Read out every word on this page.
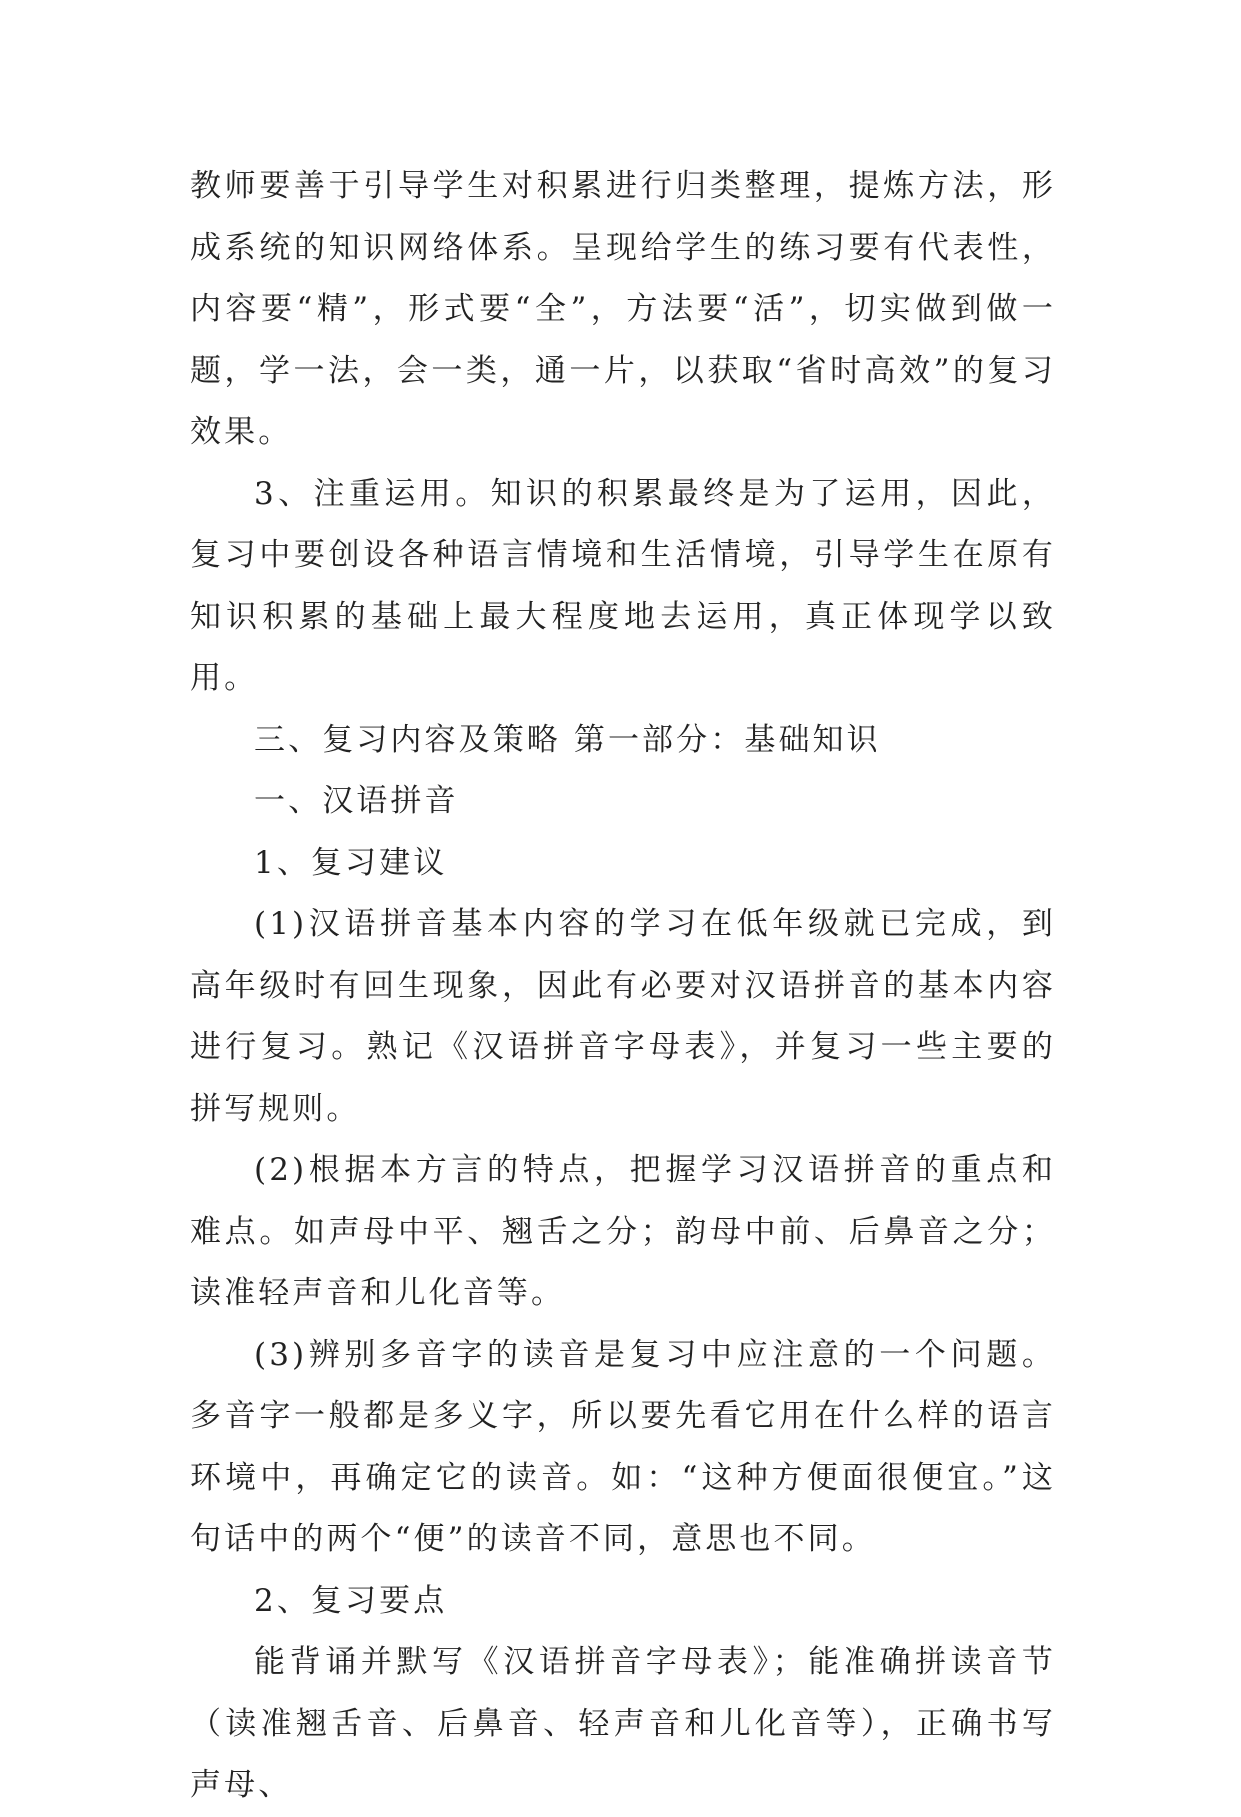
教师要善于引导学生对积累进行归类整理，提炼方法，形成系统的知识网络体系。呈现给学生的练习要有代表性，内容要“精”，形式要“全”，方法要“活”，切实做到做一题，学一法，会一类，通一片，以获取“省时高效”的复习效果。

3、注重运用。知识的积累最终是为了运用，因此，复习中要创设各种语言情境和生活情境，引导学生在原有知识积累的基础上最大程度地去运用，真正体现学以致用。

三、复习内容及策略 第一部分：基础知识

一、汉语拼音

1、复习建议

(1)汉语拼音基本内容的学习在低年级就已完成，到高年级时有回生现象，因此有必要对汉语拼音的基本内容进行复习。熟记《汉语拼音字母表》，并复习一些主要的拼写规则。

(2)根据本方言的特点，把握学习汉语拼音的重点和难点。如声母中平、翘舌之分；韵母中前、后鼻音之分；读准轻声音和儿化音等。

(3)辨别多音字的读音是复习中应注意的一个问题。多音字一般都是多义字，所以要先看它用在什么样的语言环境中，再确定它的读音。如：“这种方便面很便宜。”这句话中的两个“便”的读音不同，意思也不同。

2、复习要点

能背诵并默写《汉语拼音字母表》；能准确拼读音节（读准翘舌音、后鼻音、轻声音和儿化音等），正确书写声母、
